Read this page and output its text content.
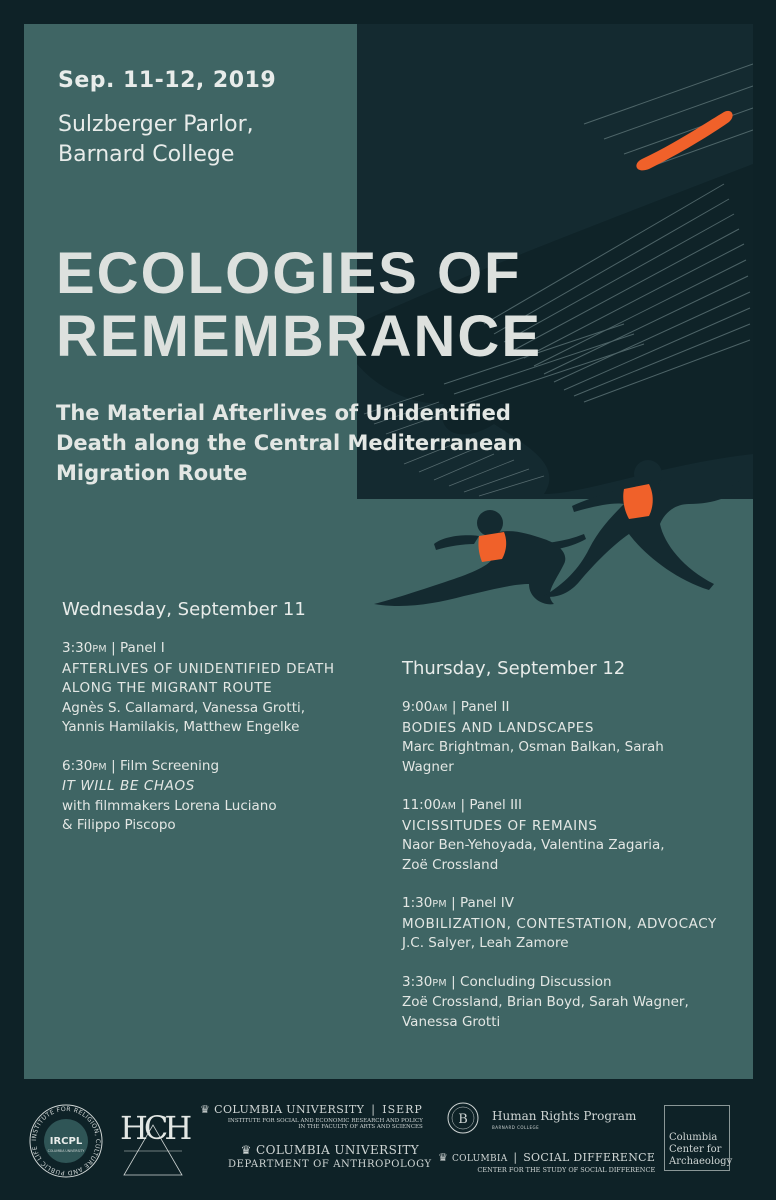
Sep. 11-12, 2019
Sulzberger Parlor,
Barnard College
ECOLOGIES OF
REMEMBRANCE
The Material Afterlives of Unidentified
Death along the Central Mediterranean
Migration Route
Wednesday, September 11
3:30PM | Panel I
AFTERLIVES OF UNIDENTIFIED DEATH
ALONG THE MIGRANT ROUTE
Agnès S. Callamard, Vanessa Grotti,
Yannis Hamilakis, Matthew Engelke
6:30PM | Film Screening
IT WILL BE CHAOS
with filmmakers Lorena Luciano
& Filippo Piscopo
Thursday, September 12
9:00AM | Panel II
BODIES AND LANDSCAPES
Marc Brightman, Osman Balkan, Sarah
Wagner
11:00AM | Panel III
VICISSITUDES OF REMAINS
Naor Ben-Yehoyada, Valentina Zagaria,
Zoë Crossland
1:30PM | Panel IV
MOBILIZATION, CONTESTATION, ADVOCACY
J.C. Salyer, Leah Zamore
3:30PM | Concluding Discussion
Zoë Crossland, Brian Boyd, Sarah Wagner,
Vanessa Grotti
INSTITUTE FOR RELIGION, CULTURE AND PUBLIC LIFE
IRCPL
COLUMBIA UNIVERSITY
HCH ♛ COLUMBIA UNIVERSITY | ISERP
INSTITUTE FOR SOCIAL AND ECONOMIC RESEARCH AND POLICY
IN THE FACULTY OF ARTS AND SCIENCES
♛ COLUMBIA UNIVERSITY
DEPARTMENT OF ANTHROPOLOGY
B Human Rights Program
BARNARD COLLEGE
♛ COLUMBIA | SOCIAL DIFFERENCE
CENTER FOR THE STUDY OF SOCIAL DIFFERENCE
Columbia
Center for
Archaeology
